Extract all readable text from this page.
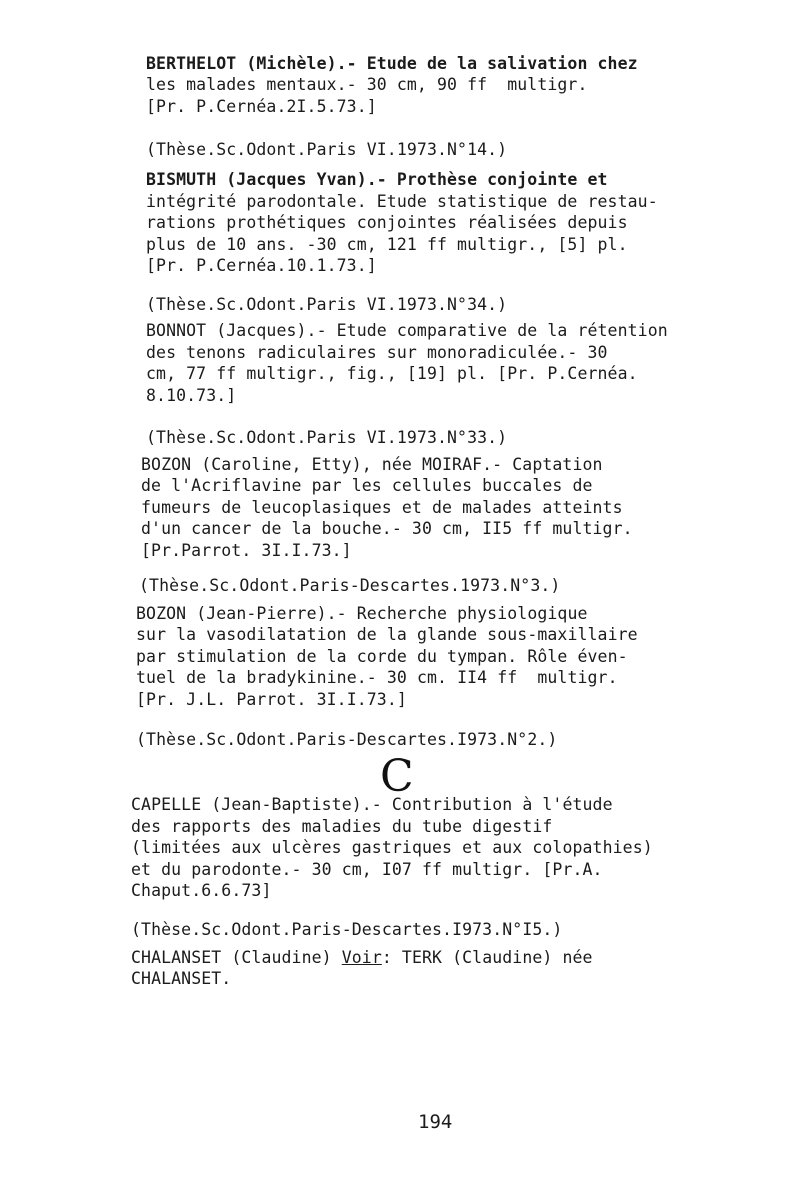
BERTHELOT (Michèle).- Etude de la salivation chez
les malades mentaux.- 30 cm, 90 ff  multigr.
[Pr. P.Cernéa.2I.5.73.]
(Thèse.Sc.Odont.Paris VI.1973.N°14.)
BISMUTH (Jacques Yvan).- Prothèse conjointe et
intégrité parodontale. Etude statistique de restau-
rations prothétiques conjointes réalisées depuis
plus de 10 ans. -30 cm, 121 ff multigr., [5] pl.
[Pr. P.Cernéa.10.1.73.]
(Thèse.Sc.Odont.Paris VI.1973.N°34.)
BONNOT (Jacques).- Etude comparative de la rétention
des tenons radiculaires sur monoradiculée.- 30
cm, 77 ff multigr., fig., [19] pl. [Pr. P.Cernéa.
8.10.73.]
(Thèse.Sc.Odont.Paris VI.1973.N°33.)
BOZON (Caroline, Etty), née MOIRAF.- Captation
de l'Acriflavine par les cellules buccales de
fumeurs de leucoplasiques et de malades atteints
d'un cancer de la bouche.- 30 cm, II5 ff multigr.
[Pr.Parrot. 3I.I.73.]
(Thèse.Sc.Odont.Paris-Descartes.1973.N°3.)
BOZON (Jean-Pierre).- Recherche physiologique
sur la vasodilatation de la glande sous-maxillaire
par stimulation de la corde du tympan. Rôle éven-
tuel de la bradykinine.- 30 cm. II4 ff  multigr.
[Pr. J.L. Parrot. 3I.I.73.]
(Thèse.Sc.Odont.Paris-Descartes.I973.N°2.)
C
CAPELLE (Jean-Baptiste).- Contribution à l'étude
des rapports des maladies du tube digestif
(limitées aux ulcères gastriques et aux colopathies)
et du parodonte.- 30 cm, I07 ff multigr. [Pr.A.
Chaput.6.6.73]
(Thèse.Sc.Odont.Paris-Descartes.I973.N°I5.)
CHALANSET (Claudine) Voir: TERK (Claudine) née
CHALANSET.
194
